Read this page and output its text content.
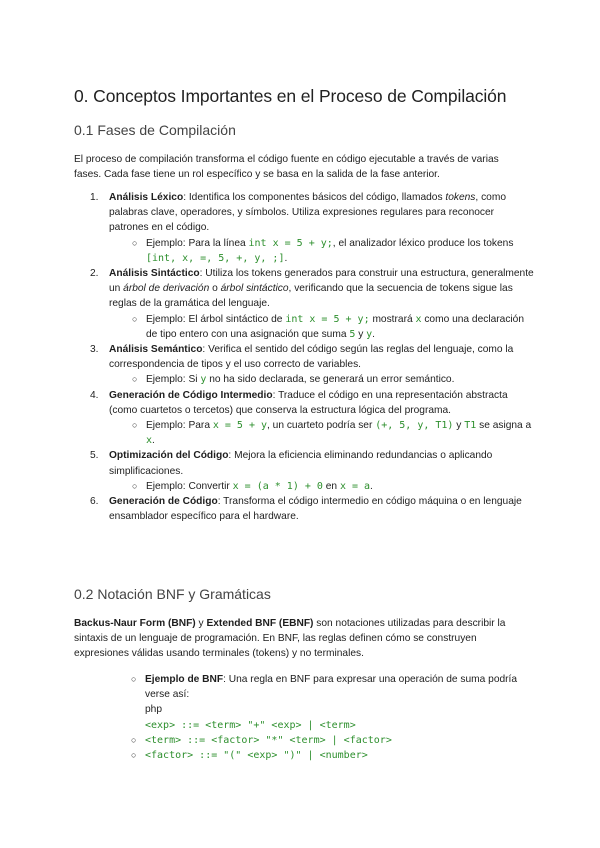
0. Conceptos Importantes en el Proceso de Compilación
0.1 Fases de Compilación

El proceso de compilación transforma el código fuente en código ejecutable a través de varias fases. Cada fase tiene un rol específico y se basa en la salida de la fase anterior.

1. Análisis Léxico: Identifica los componentes básicos del código, llamados tokens, como palabras clave, operadores, y símbolos. Utiliza expresiones regulares para reconocer patrones en el código.
○ Ejemplo: Para la línea int x = 5 + y;, el analizador léxico produce los tokens [int, x, =, 5, +, y, ;].
2. Análisis Sintáctico: Utiliza los tokens generados para construir una estructura, generalmente un árbol de derivación o árbol sintáctico, verificando que la secuencia de tokens sigue las reglas de la gramática del lenguaje.
○ Ejemplo: El árbol sintáctico de int x = 5 + y; mostrará x como una declaración de tipo entero con una asignación que suma 5 y y.
3. Análisis Semántico: Verifica el sentido del código según las reglas del lenguaje, como la correspondencia de tipos y el uso correcto de variables.
○ Ejemplo: Si y no ha sido declarada, se generará un error semántico.
4. Generación de Código Intermedio: Traduce el código en una representación abstracta (como cuartetos o tercetos) que conserva la estructura lógica del programa.
○ Ejemplo: Para x = 5 + y, un cuarteto podría ser (+, 5, y, T1) y T1 se asigna a x.
5. Optimización del Código: Mejora la eficiencia eliminando redundancias o aplicando simplificaciones.
○ Ejemplo: Convertir x = (a * 1) + 0 en x = a.
6. Generación de Código: Transforma el código intermedio en código máquina o en lenguaje ensamblador específico para el hardware.
0.2 Notación BNF y Gramáticas

Backus-Naur Form (BNF) y Extended BNF (EBNF) son notaciones utilizadas para describir la sintaxis de un lenguaje de programación. En BNF, las reglas definen cómo se construyen expresiones válidas usando terminales (tokens) y no terminales.

○ Ejemplo de BNF: Una regla en BNF para expresar una operación de suma podría verse así:
php
<exp> ::= <term> "+" <exp> | <term>
○ <term> ::= <factor> "*" <term> | <factor>
○ <factor> ::= "(" <exp> ")" | <number>
